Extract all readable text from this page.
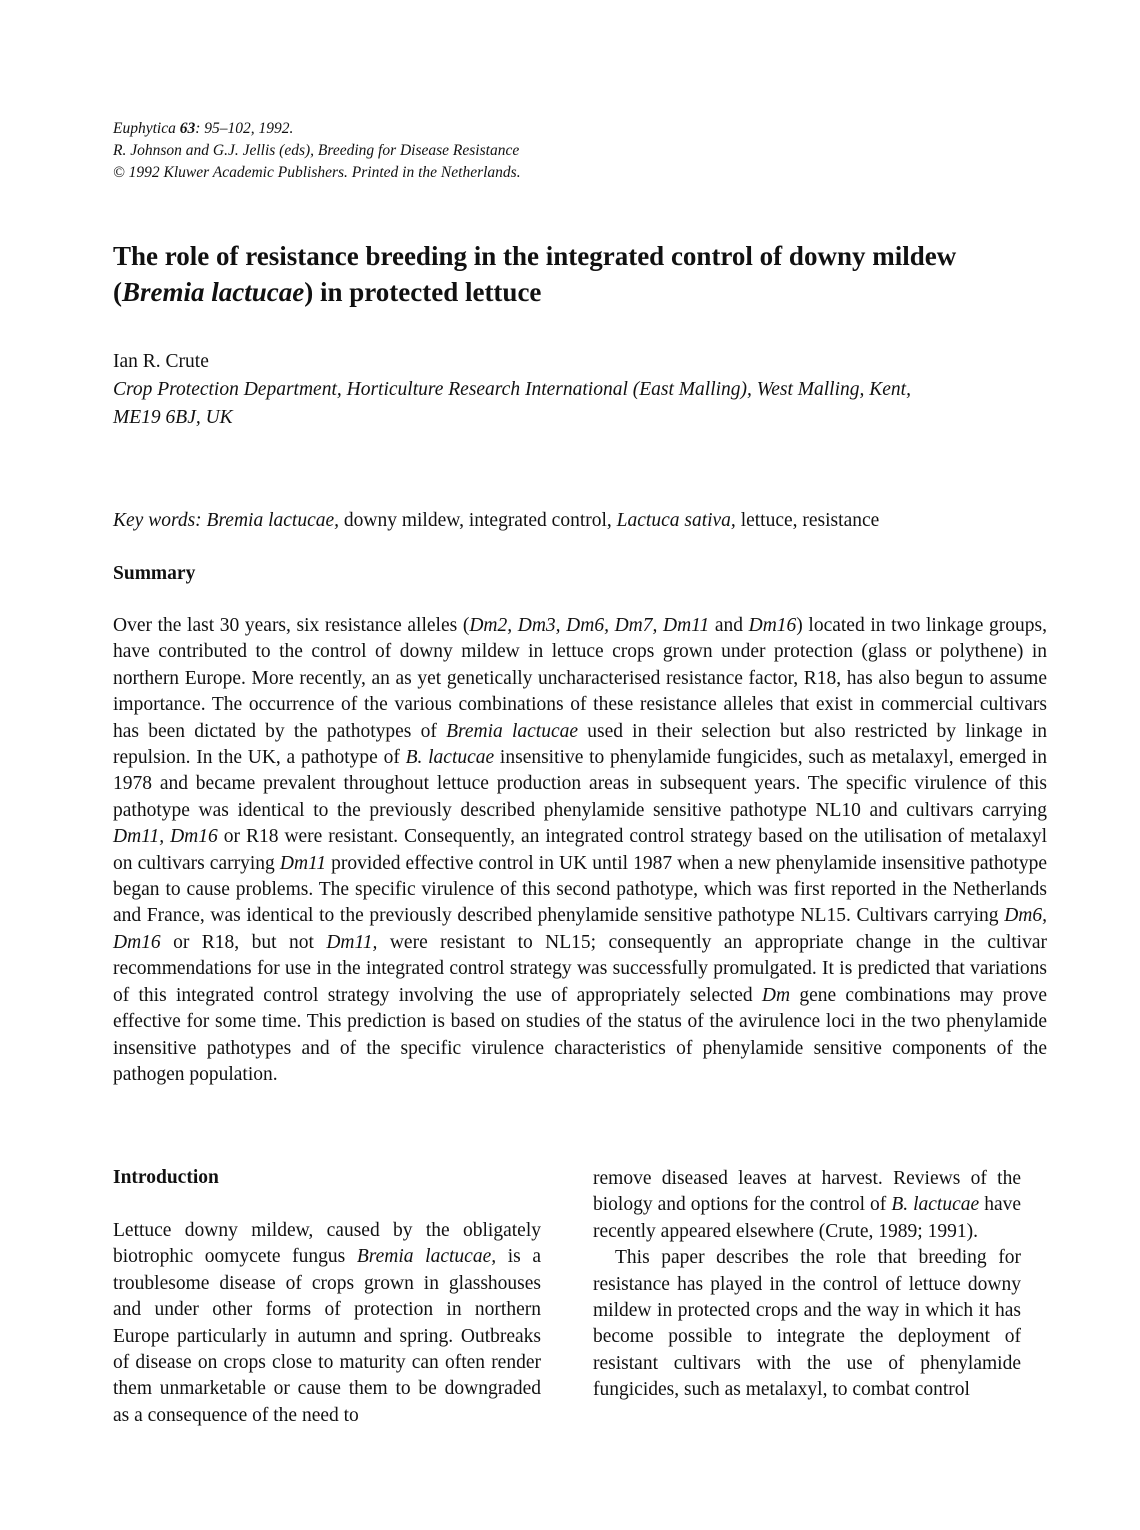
Euphytica 63: 95–102, 1992.
R. Johnson and G.J. Jellis (eds), Breeding for Disease Resistance
© 1992 Kluwer Academic Publishers. Printed in the Netherlands.
The role of resistance breeding in the integrated control of downy mildew
(Bremia lactucae) in protected lettuce
Ian R. Crute
Crop Protection Department, Horticulture Research International (East Malling), West Malling, Kent,
ME19 6BJ, UK
Key words: Bremia lactucae, downy mildew, integrated control, Lactuca sativa, lettuce, resistance
Summary

Over the last 30 years, six resistance alleles (Dm2, Dm3, Dm6, Dm7, Dm11 and Dm16) located in two linkage groups, have contributed to the control of downy mildew in lettuce crops grown under protection (glass or polythene) in northern Europe. More recently, an as yet genetically uncharacterised resistance factor, R18, has also begun to assume importance. The occurrence of the various combinations of these resistance alleles that exist in commercial cultivars has been dictated by the pathotypes of Bremia lactucae used in their selection but also restricted by linkage in repulsion. In the UK, a pathotype of B. lactucae insensitive to phenylamide fungicides, such as metalaxyl, emerged in 1978 and became prevalent throughout lettuce production areas in subsequent years. The specific virulence of this pathotype was identical to the previously described phenylamide sensitive pathotype NL10 and cultivars carrying Dm11, Dm16 or R18 were resistant. Consequently, an integrated control strategy based on the utilisation of metalaxyl on cultivars carrying Dm11 provided effective control in UK until 1987 when a new phenylamide insensitive pathotype began to cause problems. The specific virulence of this second pathotype, which was first reported in the Netherlands and France, was identical to the previously described phenylamide sensitive pathotype NL15. Cultivars carrying Dm6, Dm16 or R18, but not Dm11, were resistant to NL15; consequently an appropriate change in the cultivar recommendations for use in the integrated control strategy was successfully promulgated. It is predicted that variations of this integrated control strategy involving the use of appropriately selected Dm gene combinations may prove effective for some time. This prediction is based on studies of the status of the avirulence loci in the two phenylamide insensitive pathotypes and of the specific virulence characteristics of phenylamide sensitive components of the pathogen population.

Introduction

Lettuce downy mildew, caused by the obligately biotrophic oomycete fungus Bremia lactucae, is a troublesome disease of crops grown in glasshouses and under other forms of protection in northern Europe particularly in autumn and spring. Outbreaks of disease on crops close to maturity can often render them unmarketable or cause them to be downgraded as a consequence of the need to

remove diseased leaves at harvest. Reviews of the biology and options for the control of B. lactucae have recently appeared elsewhere (Crute, 1989; 1991).

This paper describes the role that breeding for resistance has played in the control of lettuce downy mildew in protected crops and the way in which it has become possible to integrate the deployment of resistant cultivars with the use of phenylamide fungicides, such as metalaxyl, to combat control
